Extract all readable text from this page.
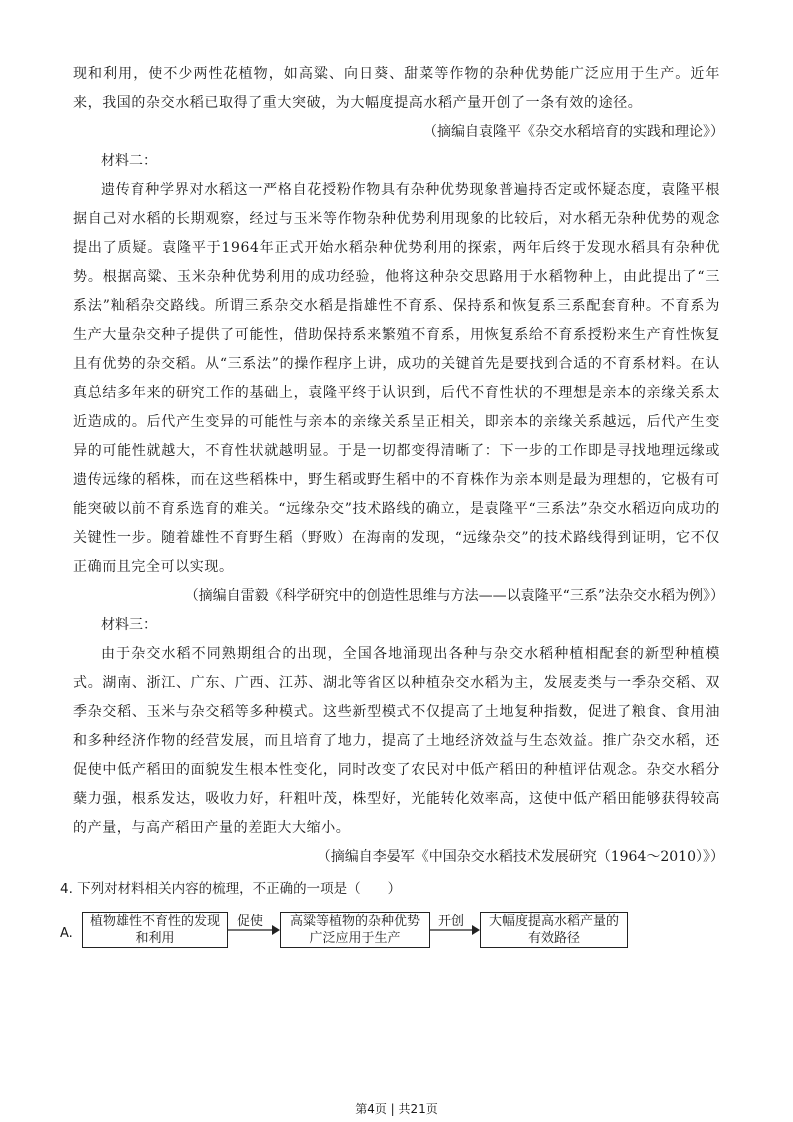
现和利用，使不少两性花植物，如高粱、向日葵、甜菜等作物的杂种优势能广泛应用于生产。近年来，我国的杂交水稻已取得了重大突破，为大幅度提高水稻产量开创了一条有效的途径。

（摘编自袁隆平《杂交水稻培育的实践和理论》）

材料二：

遗传育种学界对水稻这一严格自花授粉作物具有杂种优势现象普遍持否定或怀疑态度，袁隆平根据自己对水稻的长期观察，经过与玉米等作物杂种优势利用现象的比较后，对水稻无杂种优势的观念提出了质疑。袁隆平于1964年正式开始水稻杂种优势利用的探索，两年后终于发现水稻具有杂种优势。根据高粱、玉米杂种优势利用的成功经验，他将这种杂交思路用于水稻物种上，由此提出了“三系法”籼稻杂交路线。所谓三系杂交水稻是指雄性不育系、保持系和恢复系三系配套育种。不育系为生产大量杂交种子提供了可能性，借助保持系来繁殖不育系，用恢复系给不育系授粉来生产育性恢复且有优势的杂交稻。从“三系法”的操作程序上讲，成功的关键首先是要找到合适的不育系材料。在认真总结多年来的研究工作的基础上，袁隆平终于认识到，后代不育性状的不理想是亲本的亲缘关系太近造成的。后代产生变异的可能性与亲本的亲缘关系呈正相关，即亲本的亲缘关系越远，后代产生变异的可能性就越大，不育性状就越明显。于是一切都变得清晰了：下一步的工作即是寻找地理远缘或遗传远缘的稻株，而在这些稻株中，野生稻或野生稻中的不育株作为亲本则是最为理想的，它极有可能突破以前不育系选育的难关。“远缘杂交”技术路线的确立，是袁隆平“三系法”杂交水稻迈向成功的关键性一步。随着雄性不育野生稻（野败）在海南的发现，“远缘杂交”的技术路线得到证明，它不仅正确而且完全可以实现。

（摘编自雷毅《科学研究中的创造性思维与方法——以袁隆平“三系”法杂交水稻为例》）

材料三：

由于杂交水稻不同熟期组合的出现，全国各地涌现出各种与杂交水稻种植相配套的新型种植模式。湖南、浙江、广东、广西、江苏、湖北等省区以种植杂交水稻为主，发展麦类与一季杂交稻、双季杂交稻、玉米与杂交稻等多种模式。这些新型模式不仅提高了土地复种指数，促进了粮食、食用油和多种经济作物的经营发展，而且培育了地力，提高了土地经济效益与生态效益。推广杂交水稻，还促使中低产稻田的面貌发生根本性变化，同时改变了农民对中低产稻田的种植评估观念。杂交水稻分蘖力强，根系发达，吸收力好，秆粗叶茂，株型好，光能转化效率高，这使中低产稻田能够获得较高的产量，与高产稻田产量的差距大大缩小。

（摘编自李晏军《中国杂交水稻技术发展研究（1964～2010）》）

4. 下列对材料相关内容的梳理，不正确的一项是（　　）

A.
植物雄性不育性的发现和利用
促使	高粱等植物的杂种优势广泛应用于生产
开创	大幅度提高水稻产量的有效路径
第4页 | 共21页
